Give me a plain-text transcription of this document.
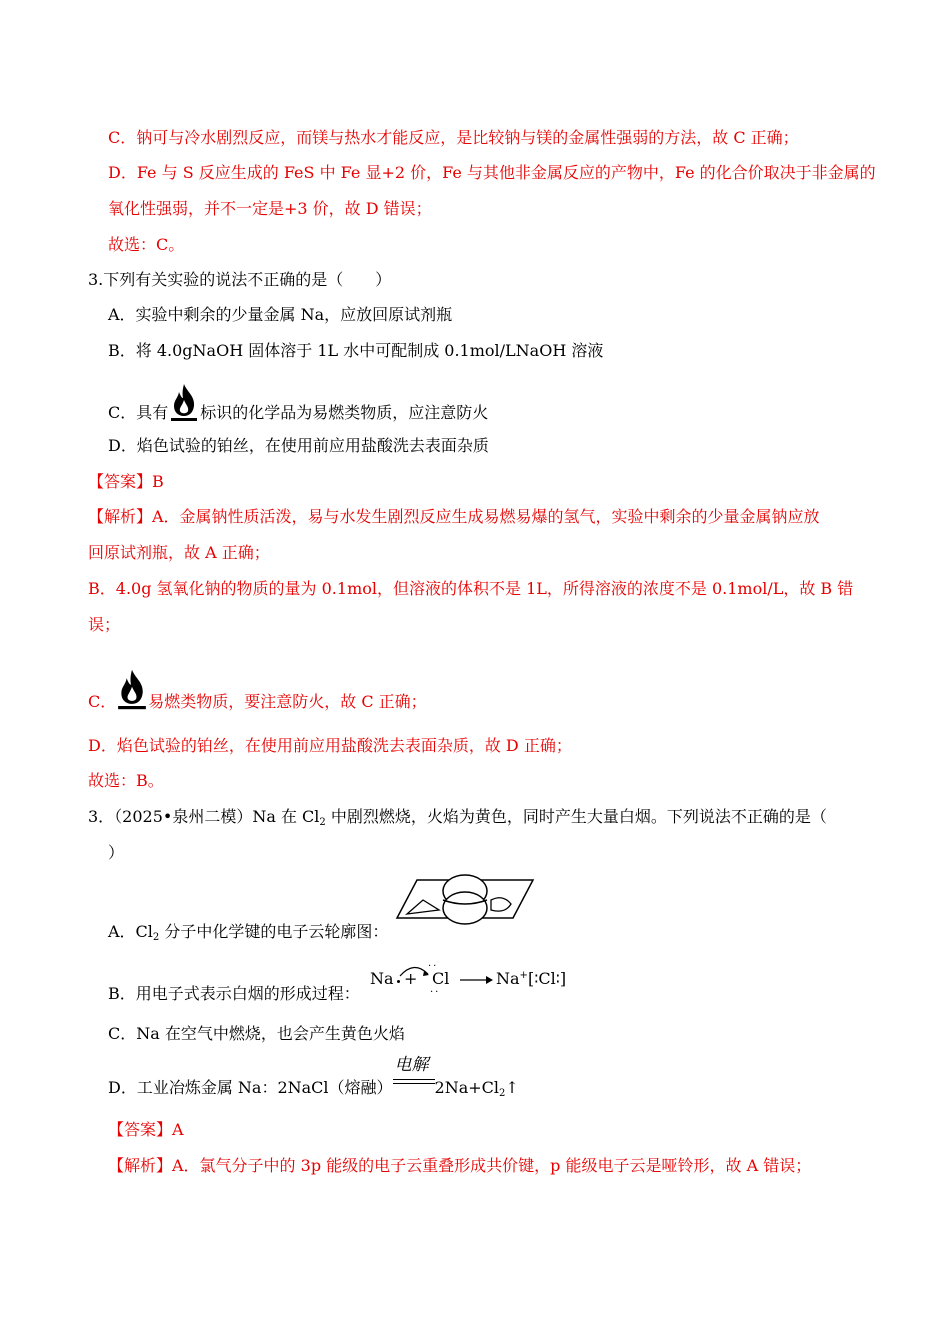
C．钠可与冷水剧烈反应，而镁与热水才能反应，是比较钠与镁的金属性强弱的方法，故 C 正确；
D．Fe 与 S 反应生成的 FeS 中 Fe 显+2 价，Fe 与其他非金属反应的产物中，Fe 的化合价取决于非金属的
氧化性强弱，并不一定是+3 价，故 D 错误；
故选：C。
3.下列有关实验的说法不正确的是（　　）
A．实验中剩余的少量金属 Na，应放回原试剂瓶
B．将 4.0gNaOH 固体溶于 1L 水中可配制成 0.1mol/LNaOH 溶液
C．具有 标识的化学品为易燃类物质，应注意防火
D．焰色试验的铂丝，在使用前应用盐酸洗去表面杂质
【答案】B
【解析】A．金属钠性质活泼，易与水发生剧烈反应生成易燃易爆的氢气，实验中剩余的少量金属钠应放
回原试剂瓶，故 A 正确；
B．4.0g 氢氧化钠的物质的量为 0.1mol，但溶液的体积不是 1L，所得溶液的浓度不是 0.1mol/L，故 B 错
误；
C． 易燃类物质，要注意防火，故 C 正确；
D．焰色试验的铂丝，在使用前应用盐酸洗去表面杂质，故 D 正确；
故选：B。
3．（2025•泉州二模）Na 在 $Cl_2$ 中剧烈燃烧，火焰为黄色，同时产生大量白烟。下列说法不正确的是（
）
A．$Cl_2$ 分子中化学键的电子云轮廓图：
B．用电子式表示白烟的形成过程：
Na + Cl
··
··
→ Na+ [∶Cl∶]
C．Na 在空气中燃烧，也会产生黄色火焰
D．工业冶炼金属 Na：2NaCl（熔融）
电解
$2Na+Cl_2↑$
【答案】A
【解析】A．氯气分子中的 3p 能级的电子云重叠形成共价键，p 能级电子云是哑铃形，故 A 错误；
